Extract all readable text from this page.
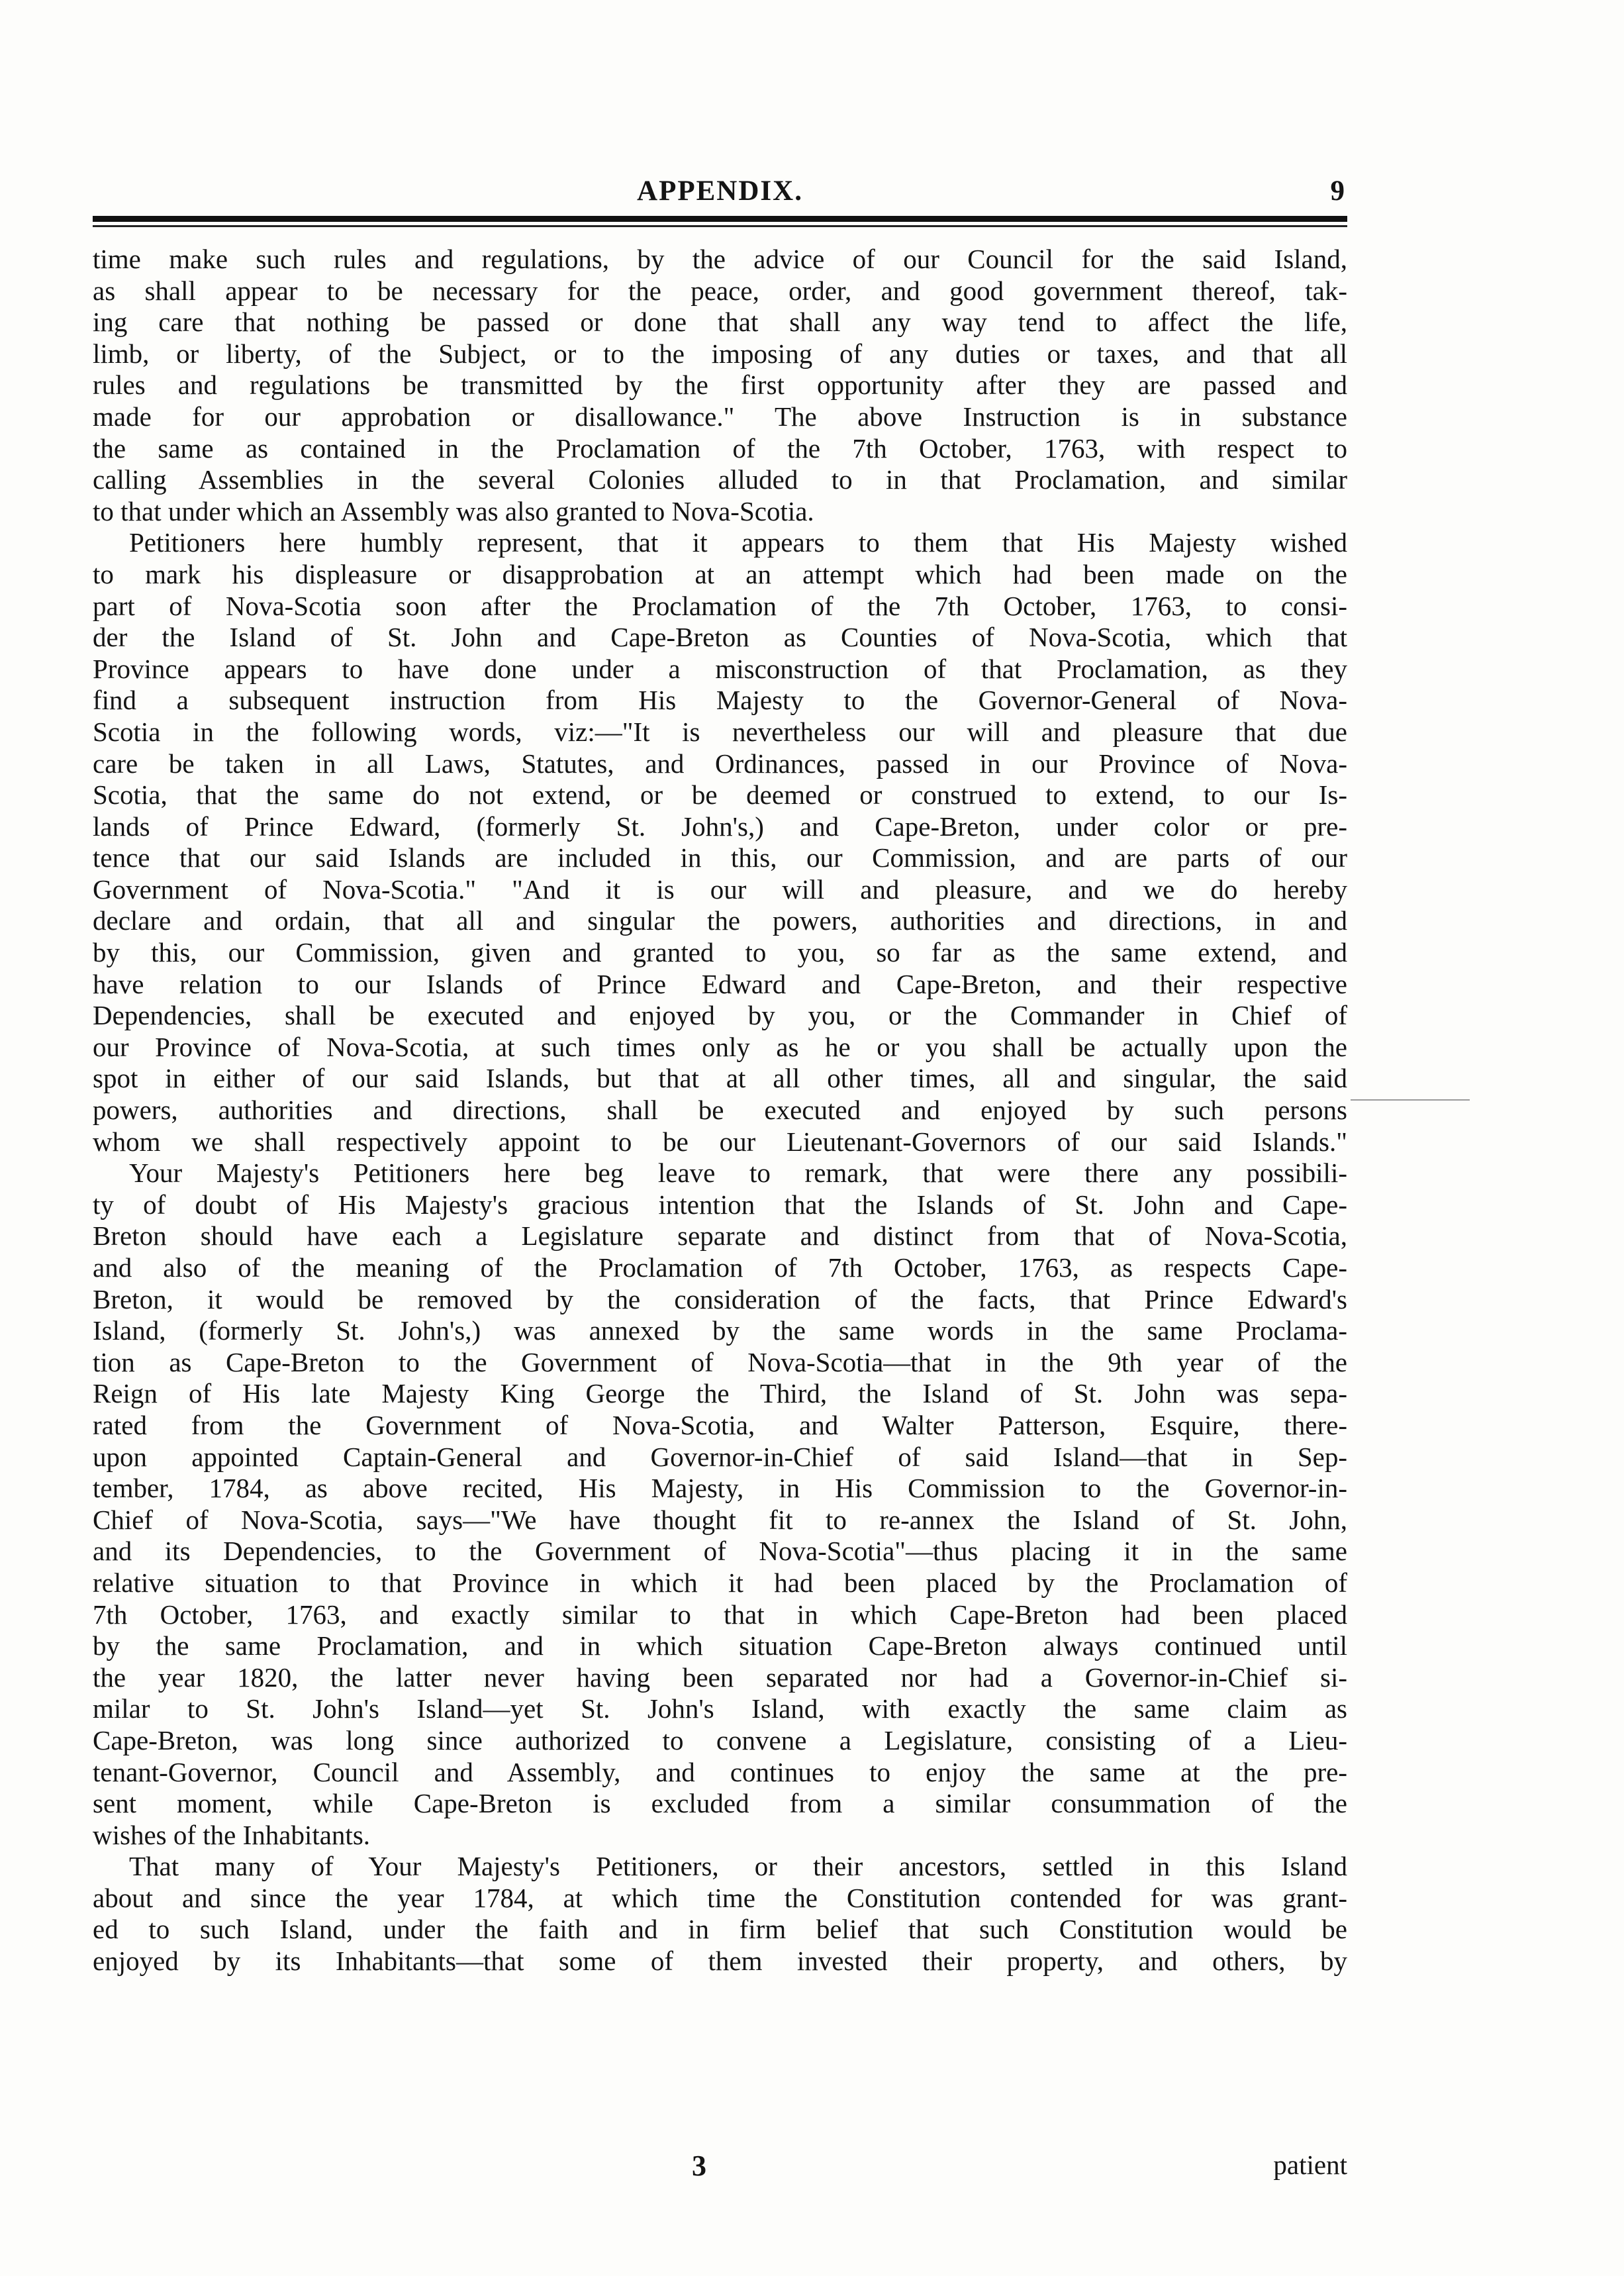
APPENDIX.	9
time make such rules and regulations, by the advice of our Council for the said Island,
as shall appear to be necessary for the peace, order, and good government thereof, tak-
ing care that nothing be passed or done that shall any way tend to affect the life,
limb, or liberty, of the Subject, or to the imposing of any duties or taxes, and that all
rules and regulations be transmitted by the first opportunity after they are passed and
made for our approbation or disallowance." The above Instruction is in substance
the same as contained in the Proclamation of the 7th October, 1763, with respect to
calling Assemblies in the several Colonies alluded to in that Proclamation, and similar
to that under which an Assembly was also granted to Nova-Scotia.
Petitioners here humbly represent, that it appears to them that His Majesty wished
to mark his displeasure or disapprobation at an attempt which had been made on the
part of Nova-Scotia soon after the Proclamation of the 7th October, 1763, to consi-
der the Island of St. John and Cape-Breton as Counties of Nova-Scotia, which that
Province appears to have done under a misconstruction of that Proclamation, as they
find a subsequent instruction from His Majesty to the Governor-General of Nova-
Scotia in the following words, viz:—"It is nevertheless our will and pleasure that due
care be taken in all Laws, Statutes, and Ordinances, passed in our Province of Nova-
Scotia, that the same do not extend, or be deemed or construed to extend, to our Is-
lands of Prince Edward, (formerly St. John's,) and Cape-Breton, under color or pre-
tence that our said Islands are included in this, our Commission, and are parts of our
Government of Nova-Scotia." "And it is our will and pleasure, and we do hereby
declare and ordain, that all and singular the powers, authorities and directions, in and
by this, our Commission, given and granted to you, so far as the same extend, and
have relation to our Islands of Prince Edward and Cape-Breton, and their respective
Dependencies, shall be executed and enjoyed by you, or the Commander in Chief of
our Province of Nova-Scotia, at such times only as he or you shall be actually upon the
spot in either of our said Islands, but that at all other times, all and singular, the said
powers, authorities and directions, shall be executed and enjoyed by such persons
whom we shall respectively appoint to be our Lieutenant-Governors of our said Islands."
Your Majesty's Petitioners here beg leave to remark, that were there any possibili-
ty of doubt of His Majesty's gracious intention that the Islands of St. John and Cape-
Breton should have each a Legislature separate and distinct from that of Nova-Scotia,
and also of the meaning of the Proclamation of 7th October, 1763, as respects Cape-
Breton, it would be removed by the consideration of the facts, that Prince Edward's
Island, (formerly St. John's,) was annexed by the same words in the same Proclama-
tion as Cape-Breton to the Government of Nova-Scotia—that in the 9th year of the
Reign of His late Majesty King George the Third, the Island of St. John was sepa-
rated from the Government of Nova-Scotia, and Walter Patterson, Esquire, there-
upon appointed Captain-General and Governor-in-Chief of said Island—that in Sep-
tember, 1784, as above recited, His Majesty, in His Commission to the Governor-in-
Chief of Nova-Scotia, says—"We have thought fit to re-annex the Island of St. John,
and its Dependencies, to the Government of Nova-Scotia"—thus placing it in the same
relative situation to that Province in which it had been placed by the Proclamation of
7th October, 1763, and exactly similar to that in which Cape-Breton had been placed
by the same Proclamation, and in which situation Cape-Breton always continued until
the year 1820, the latter never having been separated nor had a Governor-in-Chief si-
milar to St. John's Island—yet St. John's Island, with exactly the same claim as
Cape-Breton, was long since authorized to convene a Legislature, consisting of a Lieu-
tenant-Governor, Council and Assembly, and continues to enjoy the same at the pre-
sent moment, while Cape-Breton is excluded from a similar consummation of the
wishes of the Inhabitants.
That many of Your Majesty's Petitioners, or their ancestors, settled in this Island
about and since the year 1784, at which time the Constitution contended for was grant-
ed to such Island, under the faith and in firm belief that such Constitution would be
enjoyed by its Inhabitants—that some of them invested their property, and others, by
3	patient
